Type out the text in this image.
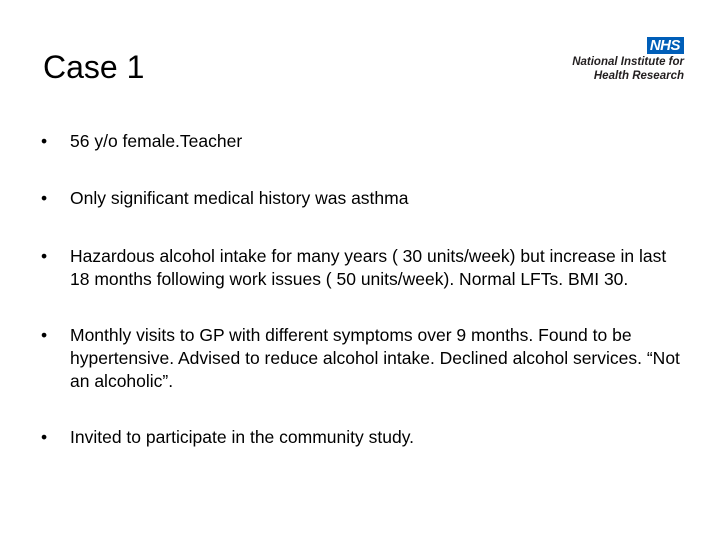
Case 1
NHS
National Institute for
Health Research
• 56 y/o female.Teacher
• Only significant medical history was asthma
• Hazardous alcohol intake for many years ( 30 units/week) but increase in last 18 months following work issues ( 50 units/week). Normal LFTs. BMI 30.
• Monthly visits to GP with different symptoms over 9 months. Found to be hypertensive. Advised to reduce alcohol intake. Declined alcohol services. “Not an alcoholic”.
• Invited to participate in the community study.
